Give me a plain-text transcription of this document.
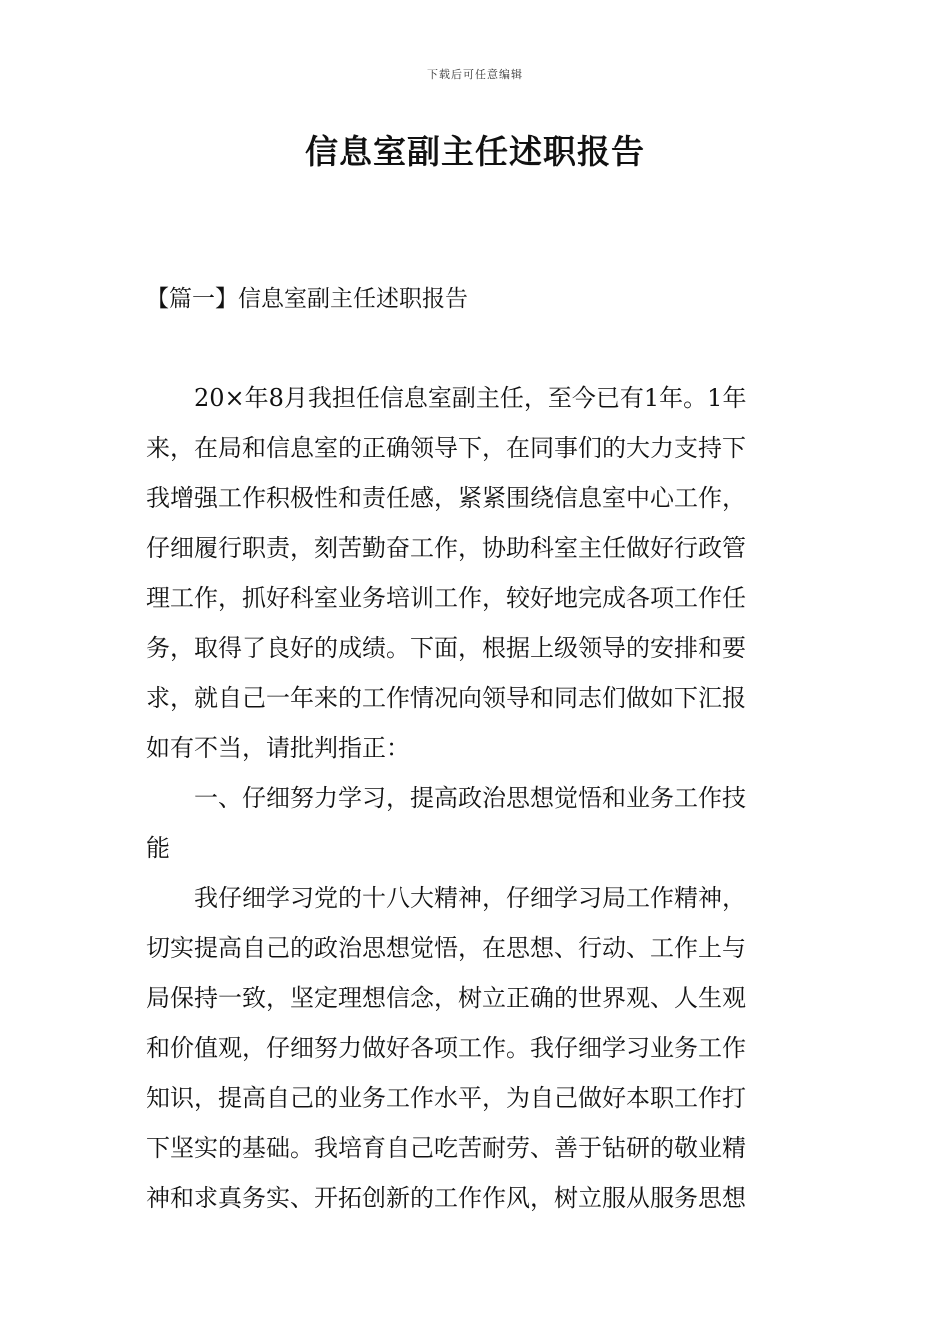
下载后可任意编辑
信息室副主任述职报告
【篇一】信息室副主任述职报告
　　20×年8月我担任信息室副主任，至今已有1年。1年
来，在局和信息室的正确领导下，在同事们的大力支持下
我增强工作积极性和责任感，紧紧围绕信息室中心工作，
仔细履行职责，刻苦勤奋工作，协助科室主任做好行政管
理工作，抓好科室业务培训工作，较好地完成各项工作任
务，取得了良好的成绩。下面，根据上级领导的安排和要
求，就自己一年来的工作情况向领导和同志们做如下汇报
如有不当，请批判指正：
　　一、仔细努力学习，提高政治思想觉悟和业务工作技
能
　　我仔细学习党的十八大精神，仔细学习局工作精神，
切实提高自己的政治思想觉悟，在思想、行动、工作上与
局保持一致，坚定理想信念，树立正确的世界观、人生观
和价值观，仔细努力做好各项工作。我仔细学习业务工作
知识，提高自己的业务工作水平，为自己做好本职工作打
下坚实的基础。我培育自己吃苦耐劳、善于钻研的敬业精
神和求真务实、开拓创新的工作作风，树立服从服务思想
